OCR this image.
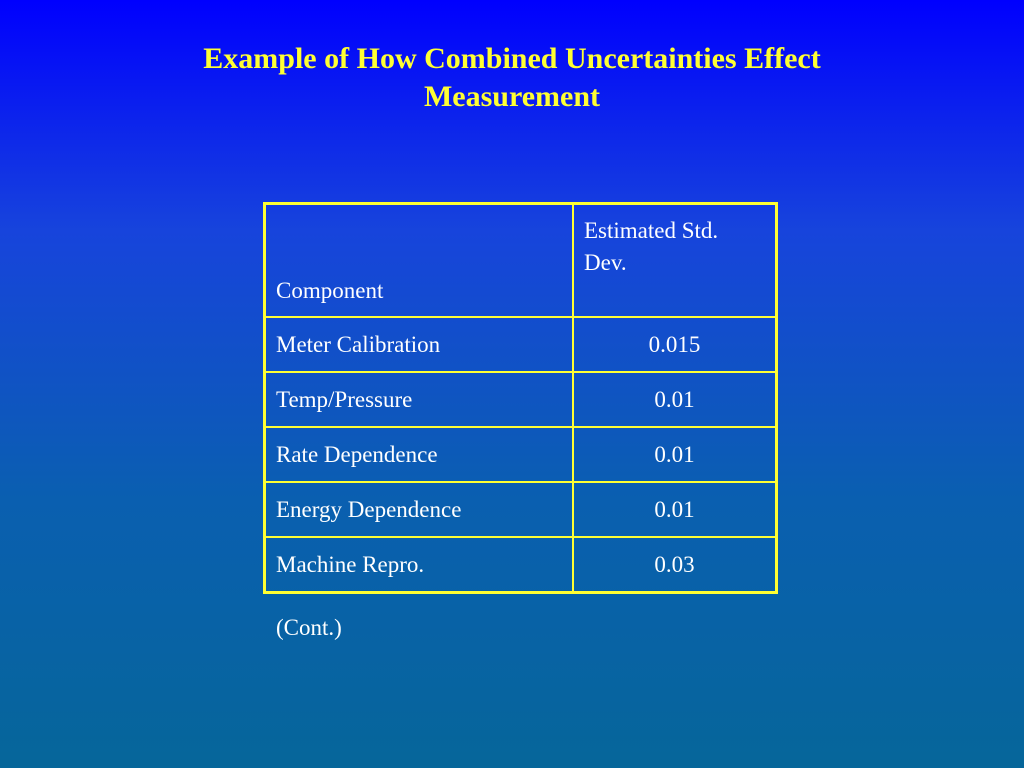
Example of How Combined Uncertainties Effect
Measurement
Component	Estimated Std.
Dev.
Meter Calibration	0.015
Temp/Pressure	0.01
Rate Dependence	0.01
Energy Dependence	0.01
Machine Repro.	0.03
(Cont.)
